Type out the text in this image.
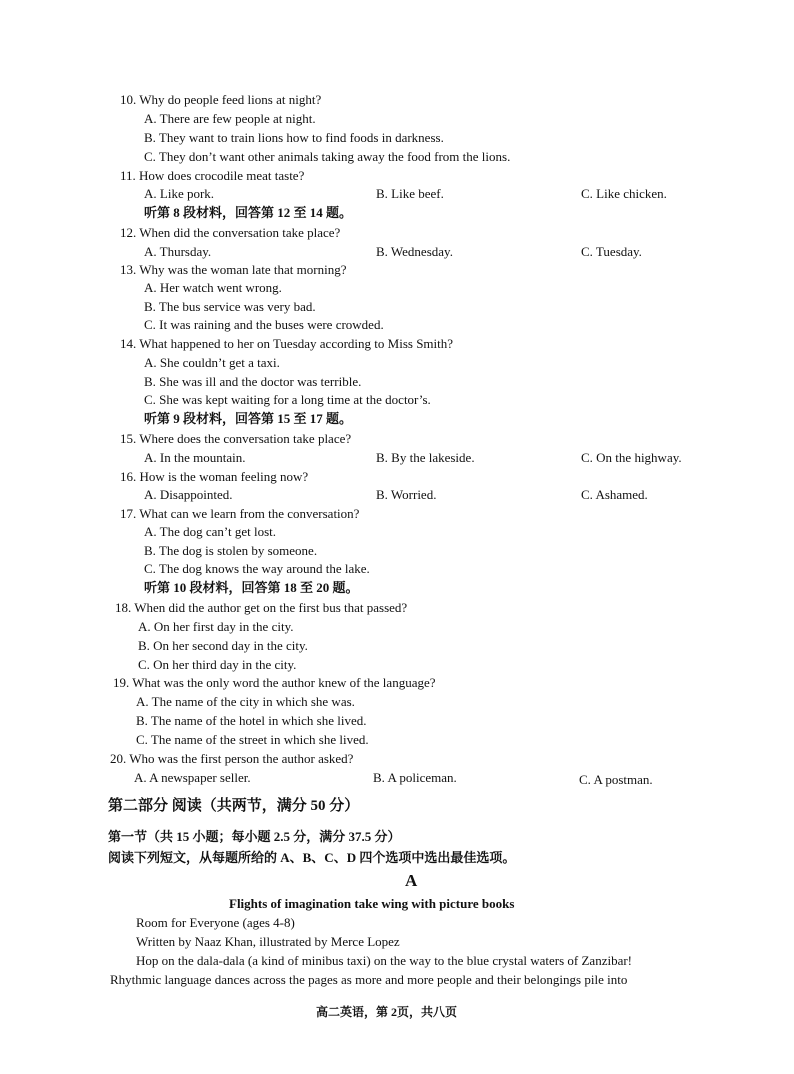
10. Why do people feed lions at night?
A. There are few people at night.
B. They want to train lions how to find foods in darkness.
C. They don’t want other animals taking away the food from the lions.
11. How does crocodile meat taste?
A. Like pork.	B. Like beef.	C. Like chicken.
听第 8 段材料，回答第 12 至 14 题。
12. When did the conversation take place?
A. Thursday.	B. Wednesday.	C. Tuesday.
13. Why was the woman late that morning?
A. Her watch went wrong.
B. The bus service was very bad.
C. It was raining and the buses were crowded.
14. What happened to her on Tuesday according to Miss Smith?
A. She couldn’t get a taxi.
B. She was ill and the doctor was terrible.
C. She was kept waiting for a long time at the doctor’s.
听第 9 段材料，回答第 15 至 17 题。
15. Where does the conversation take place?
A. In the mountain.	B. By the lakeside.	C. On the highway.
16. How is the woman feeling now?
A. Disappointed.	B. Worried.	C. Ashamed.
17. What can we learn from the conversation?
A. The dog can’t get lost.
B. The dog is stolen by someone.
C. The dog knows the way around the lake.
听第 10 段材料，回答第 18 至 20 题。
18. When did the author get on the first bus that passed?
A. On her first day in the city.
B. On her second day in the city.
C. On her third day in the city.
19. What was the only word the author knew of the language?
A. The name of the city in which she was.
B. The name of the hotel in which she lived.
C. The name of the street in which she lived.
20. Who was the first person the author asked?
A. A newspaper seller.	B. A policeman.	C. A postman.
第二部分 阅读（共两节，满分 50 分）
第一节（共 15 小题；每小题 2.5 分，满分 37.5 分）
阅读下列短文，从每题所给的 A、B、C、D 四个选项中选出最佳选项。
A
Flights of imagination take wing with picture books
Room for Everyone (ages 4-8)
Written by Naaz Khan, illustrated by Merce Lopez
Hop on the dala-dala (a kind of minibus taxi) on the way to the blue crystal waters of Zanzibar!
Rhythmic language dances across the pages as more and more people and their belongings pile into
高二英语，第 2页，共八页
